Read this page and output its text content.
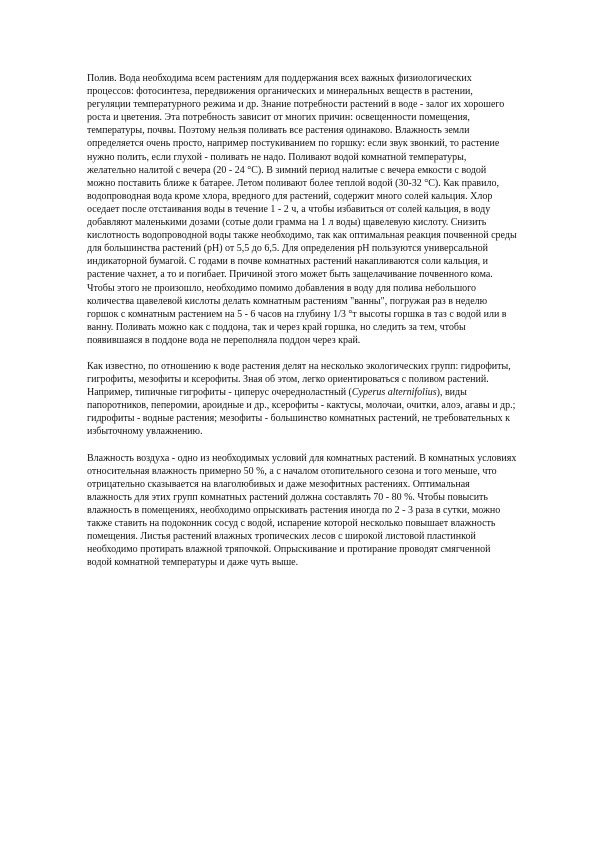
Полив. Вода необходима всем растениям для поддержания всех важных физиологических процессов: фотосинтеза, передвижения органических и минеральных веществ в растении, регуляции температурного режима и др. Знание потребности растений в воде - залог их хорошего роста и цветения. Эта потребность зависит от многих причин: освещенности помещения, температуры, почвы. Поэтому нельзя поливать все растения одинаково. Влажность земли определяется очень просто, например постукиванием по горшку: если звук звонкий, то растение нужно полить, если глухой - поливать не надо. Поливают водой комнатной температуры, желательно налитой с вечера (20 - 24 °С). В зимний период налитые с вечера емкости с водой можно поставить ближе к батарее. Летом поливают более теплой водой (30-32 °С). Как правило, водопроводная вода кроме хлора, вредного для растений, содержит много солей кальция. Хлор оседает после отстаивания воды в течение 1 - 2 ч, а чтобы избавиться от солей кальция, в воду добавляют маленькими дозами (сотые доли грамма на 1 л воды) щавелевую кислоту. Снизить кислотность водопроводной воды также необходимо, так как оптимальная реакция почвенной среды для большинства растений (pH) от 5,5 до 6,5. Для определения pH пользуются универсальной индикаторной бумагой. С годами в почве комнатных растений накапливаются соли кальция, и растение чахнет, а то и погибает. Причиной этого может быть защелачивание почвенного кома. Чтобы этого не произошло, необходимо помимо добавления в воду для полива небольшого количества щавелевой кислоты делать комнатным растениям "ванны", погружая раз в неделю горшок с комнатным растением на 5 - 6 часов на глубину 1/3 °т высоты горшка в таз с водой или в ванну. Поливать можно как с поддона, так и через край горшка, но следить за тем, чтобы появившаяся в поддоне вода не переполняла поддон через край.

Как известно, по отношению к воде растения делят на несколько экологических групп: гидрофиты, гигрофиты, мезофиты и ксерофиты. Зная об этом, легко ориентироваться с поливом растений. Например, типичные гигрофиты - циперус очередноластный (Cyperus alternifolius), виды папоротников, пеперомии, ароидные и др., ксерофиты - кактусы, молочаи, очитки, алоэ, агавы и др.; гидрофиты - водные растения; мезофиты - большинство комнатных растений, не требовательных к избыточному увлажнению.

Влажность воздуха - одно из необходимых условий для комнатных растений. В комнатных условиях относительная влажность примерно 50 %, а с началом отопительного сезона и того меньше, что отрицательно сказывается на влаголюбивых и даже мезофитных растениях. Оптимальная влажность для этих групп комнатных растений должна составлять 70 - 80 %. Чтобы повысить влажность в помещениях, необходимо опрыскивать растения иногда по 2 - 3 раза в сутки, можно также ставить на подоконник сосуд с водой, испарение которой несколько повышает влажность помещения. Листья растений влажных тропических лесов с широкой листовой пластинкой необходимо протирать влажной тряпочкой. Опрыскивание и протирание проводят смягченной водой комнатной температуры и даже чуть выше.
